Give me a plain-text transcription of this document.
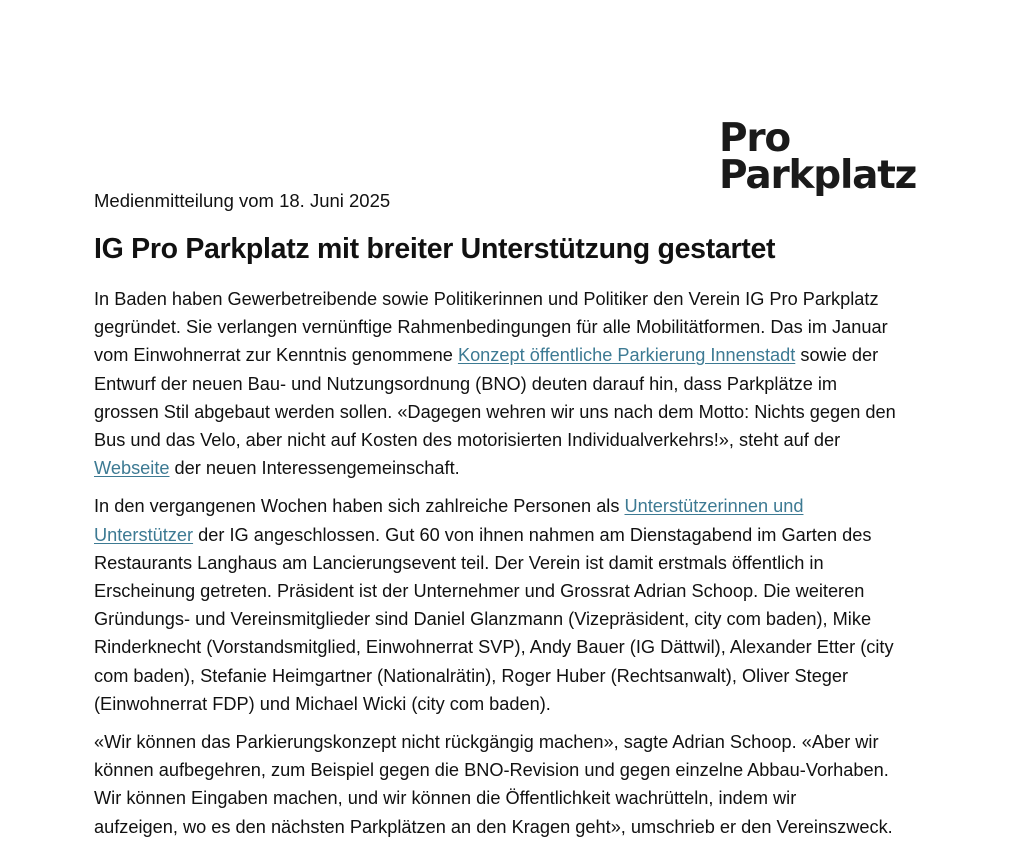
Pro
Parkplatz
Medienmitteilung vom 18. Juni 2025
IG Pro Parkplatz mit breiter Unterstützung gestartet

In Baden haben Gewerbetreibende sowie Politikerinnen und Politiker den Verein IG Pro Parkplatz
gegründet. Sie verlangen vernünftige Rahmenbedingungen für alle Mobilitätformen. Das im Januar
vom Einwohnerrat zur Kenntnis genommene Konzept öffentliche Parkierung Innenstadt sowie der
Entwurf der neuen Bau- und Nutzungsordnung (BNO) deuten darauf hin, dass Parkplätze im
grossen Stil abgebaut werden sollen. «Dagegen wehren wir uns nach dem Motto: Nichts gegen den
Bus und das Velo, aber nicht auf Kosten des motorisierten Individualverkehrs!», steht auf der
Webseite der neuen Interessengemeinschaft.

In den vergangenen Wochen haben sich zahlreiche Personen als Unterstützerinnen und
Unterstützer der IG angeschlossen. Gut 60 von ihnen nahmen am Dienstagabend im Garten des
Restaurants Langhaus am Lancierungsevent teil. Der Verein ist damit erstmals öffentlich in
Erscheinung getreten. Präsident ist der Unternehmer und Grossrat Adrian Schoop. Die weiteren
Gründungs- und Vereinsmitglieder sind Daniel Glanzmann (Vizepräsident, city com baden), Mike
Rinderknecht (Vorstandsmitglied, Einwohnerrat SVP), Andy Bauer (IG Dättwil), Alexander Etter (city
com baden), Stefanie Heimgartner (Nationalrätin), Roger Huber (Rechtsanwalt), Oliver Steger
(Einwohnerrat FDP) und Michael Wicki (city com baden).

«Wir können das Parkierungskonzept nicht rückgängig machen», sagte Adrian Schoop. «Aber wir
können aufbegehren, zum Beispiel gegen die BNO-Revision und gegen einzelne Abbau-Vorhaben.
Wir können Eingaben machen, und wir können die Öffentlichkeit wachrütteln, indem wir
aufzeigen, wo es den nächsten Parkplätzen an den Kragen geht», umschrieb er den Vereinszweck.
